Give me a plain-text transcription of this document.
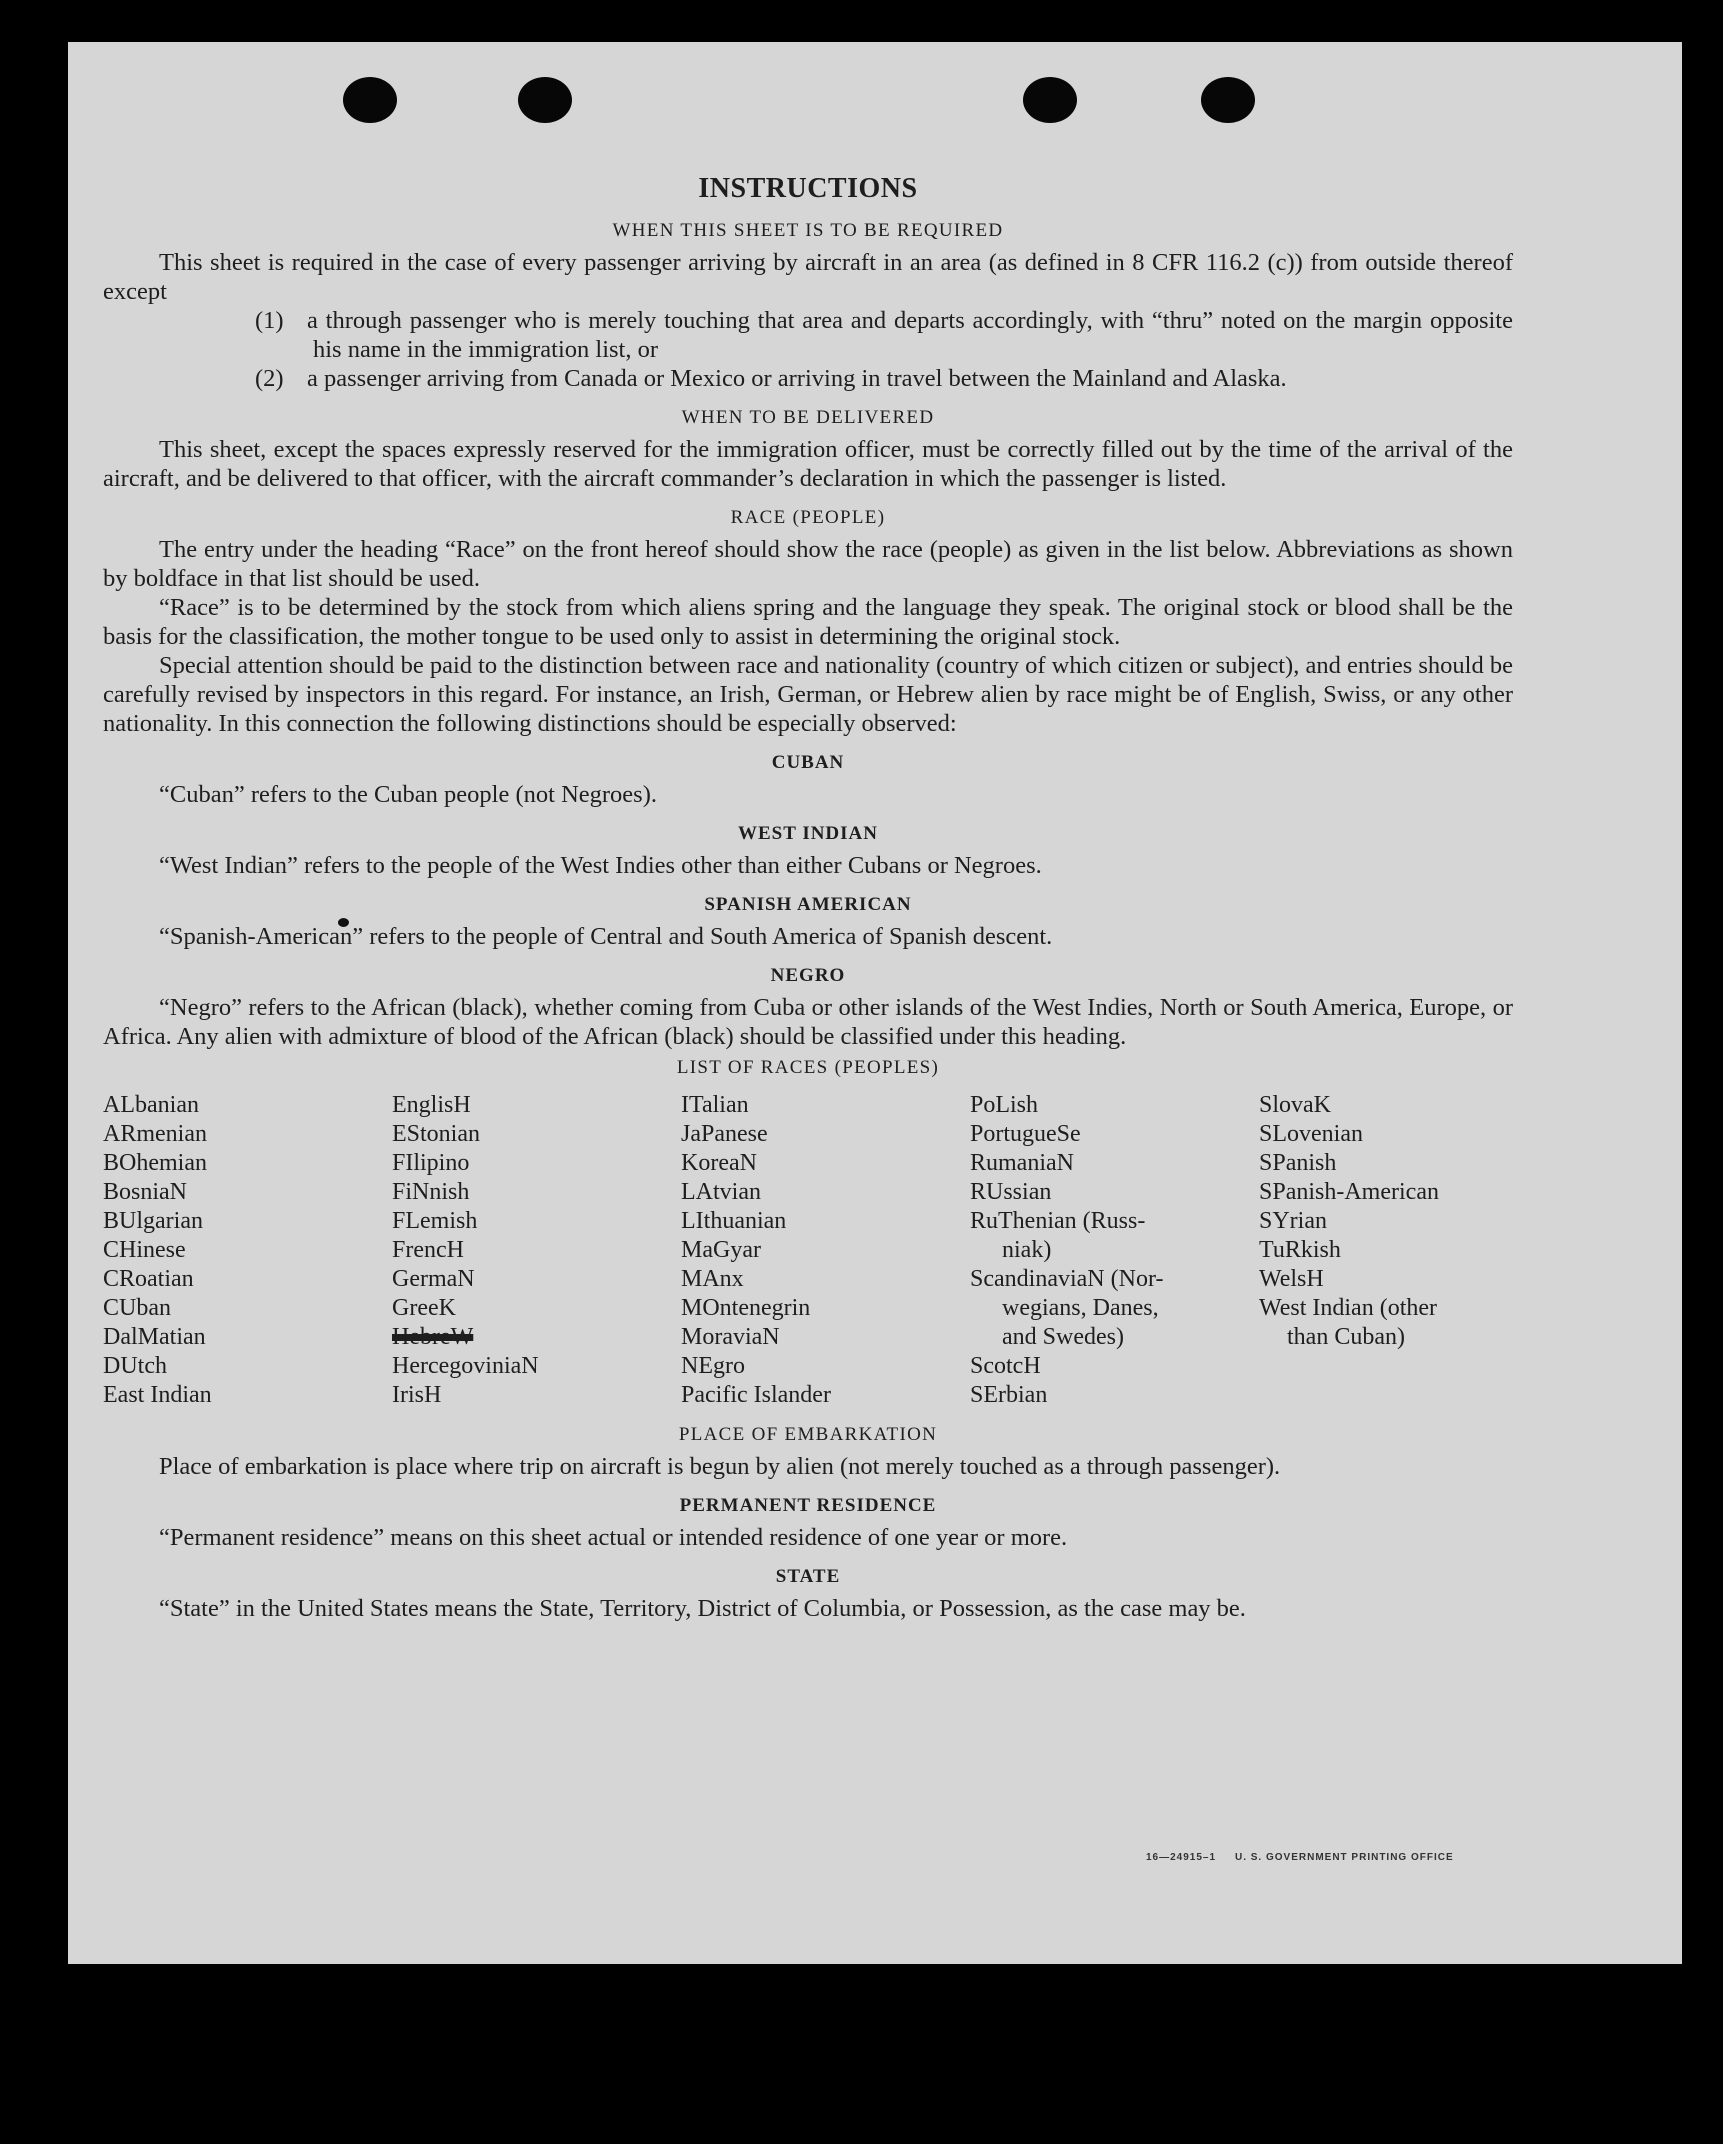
INSTRUCTIONS
WHEN THIS SHEET IS TO BE REQUIRED

This sheet is required in the case of every passenger arriving by aircraft in an area (as defined in 8 CFR 116.2 (c)) from outside thereof except

(1) a through passenger who is merely touching that area and departs accordingly, with “thru” noted on the margin opposite his name in the immigration list, or
(2) a passenger arriving from Canada or Mexico or arriving in travel between the Mainland and Alaska.
WHEN TO BE DELIVERED

This sheet, except the spaces expressly reserved for the immigration officer, must be correctly filled out by the time of the arrival of the aircraft, and be delivered to that officer, with the aircraft commander’s declaration in which the passenger is listed.

RACE (PEOPLE)

The entry under the heading “Race” on the front hereof should show the race (people) as given in the list below. Abbreviations as shown by boldface in that list should be used.

“Race” is to be determined by the stock from which aliens spring and the language they speak. The original stock or blood shall be the basis for the classification, the mother tongue to be used only to assist in determining the original stock.

Special attention should be paid to the distinction between race and nationality (country of which citizen or subject), and entries should be carefully revised by inspectors in this regard. For instance, an Irish, German, or Hebrew alien by race might be of English, Swiss, or any other nationality. In this connection the following distinctions should be especially observed:

CUBAN

“Cuban” refers to the Cuban people (not Negroes).

WEST INDIAN

“West Indian” refers to the people of the West Indies other than either Cubans or Negroes.

SPANISH AMERICAN

“Spanish-American” refers to the people of Central and South America of Spanish descent.

NEGRO

“Negro” refers to the African (black), whether coming from Cuba or other islands of the West Indies, North or South America, Europe, or Africa. Any alien with admixture of blood of the African (black) should be classified under this heading.

LIST OF RACES (PEOPLES)
ALbanian
ARmenian
BOhemian
BosniaN
BUlgarian
CHinese
CRoatian
CUban
DalMatian
DUtch
East Indian
EnglisH
EStonian
FIlipino
FiNnish
FLemish
FrencH
GermaN
GreeK
HebreW
HercegoviniaN
IrisH
ITalian
JaPanese
KoreaN
LAtvian
LIthuanian
MaGyar
MAnx
MOntenegrin
MoraviaN
NEgro
Pacific Islander
PoLish
PortugueSe
RumaniaN
RUssian
RuThenian (Russ-
niak)
ScandinaviaN (Nor-
wegians, Danes,
and Swedes)
ScotcH
SErbian
SlovaK
SLovenian
SPanish
SPanish-American
SYrian
TuRkish
WelsH
West Indian (other
than Cuban)
PLACE OF EMBARKATION

Place of embarkation is place where trip on aircraft is begun by alien (not merely touched as a through passenger).

PERMANENT RESIDENCE

“Permanent residence” means on this sheet actual or intended residence of one year or more.

STATE

“State” in the United States means the State, Territory, District of Columbia, or Possession, as the case may be.

16—24915–1 U. S. GOVERNMENT PRINTING OFFICE
